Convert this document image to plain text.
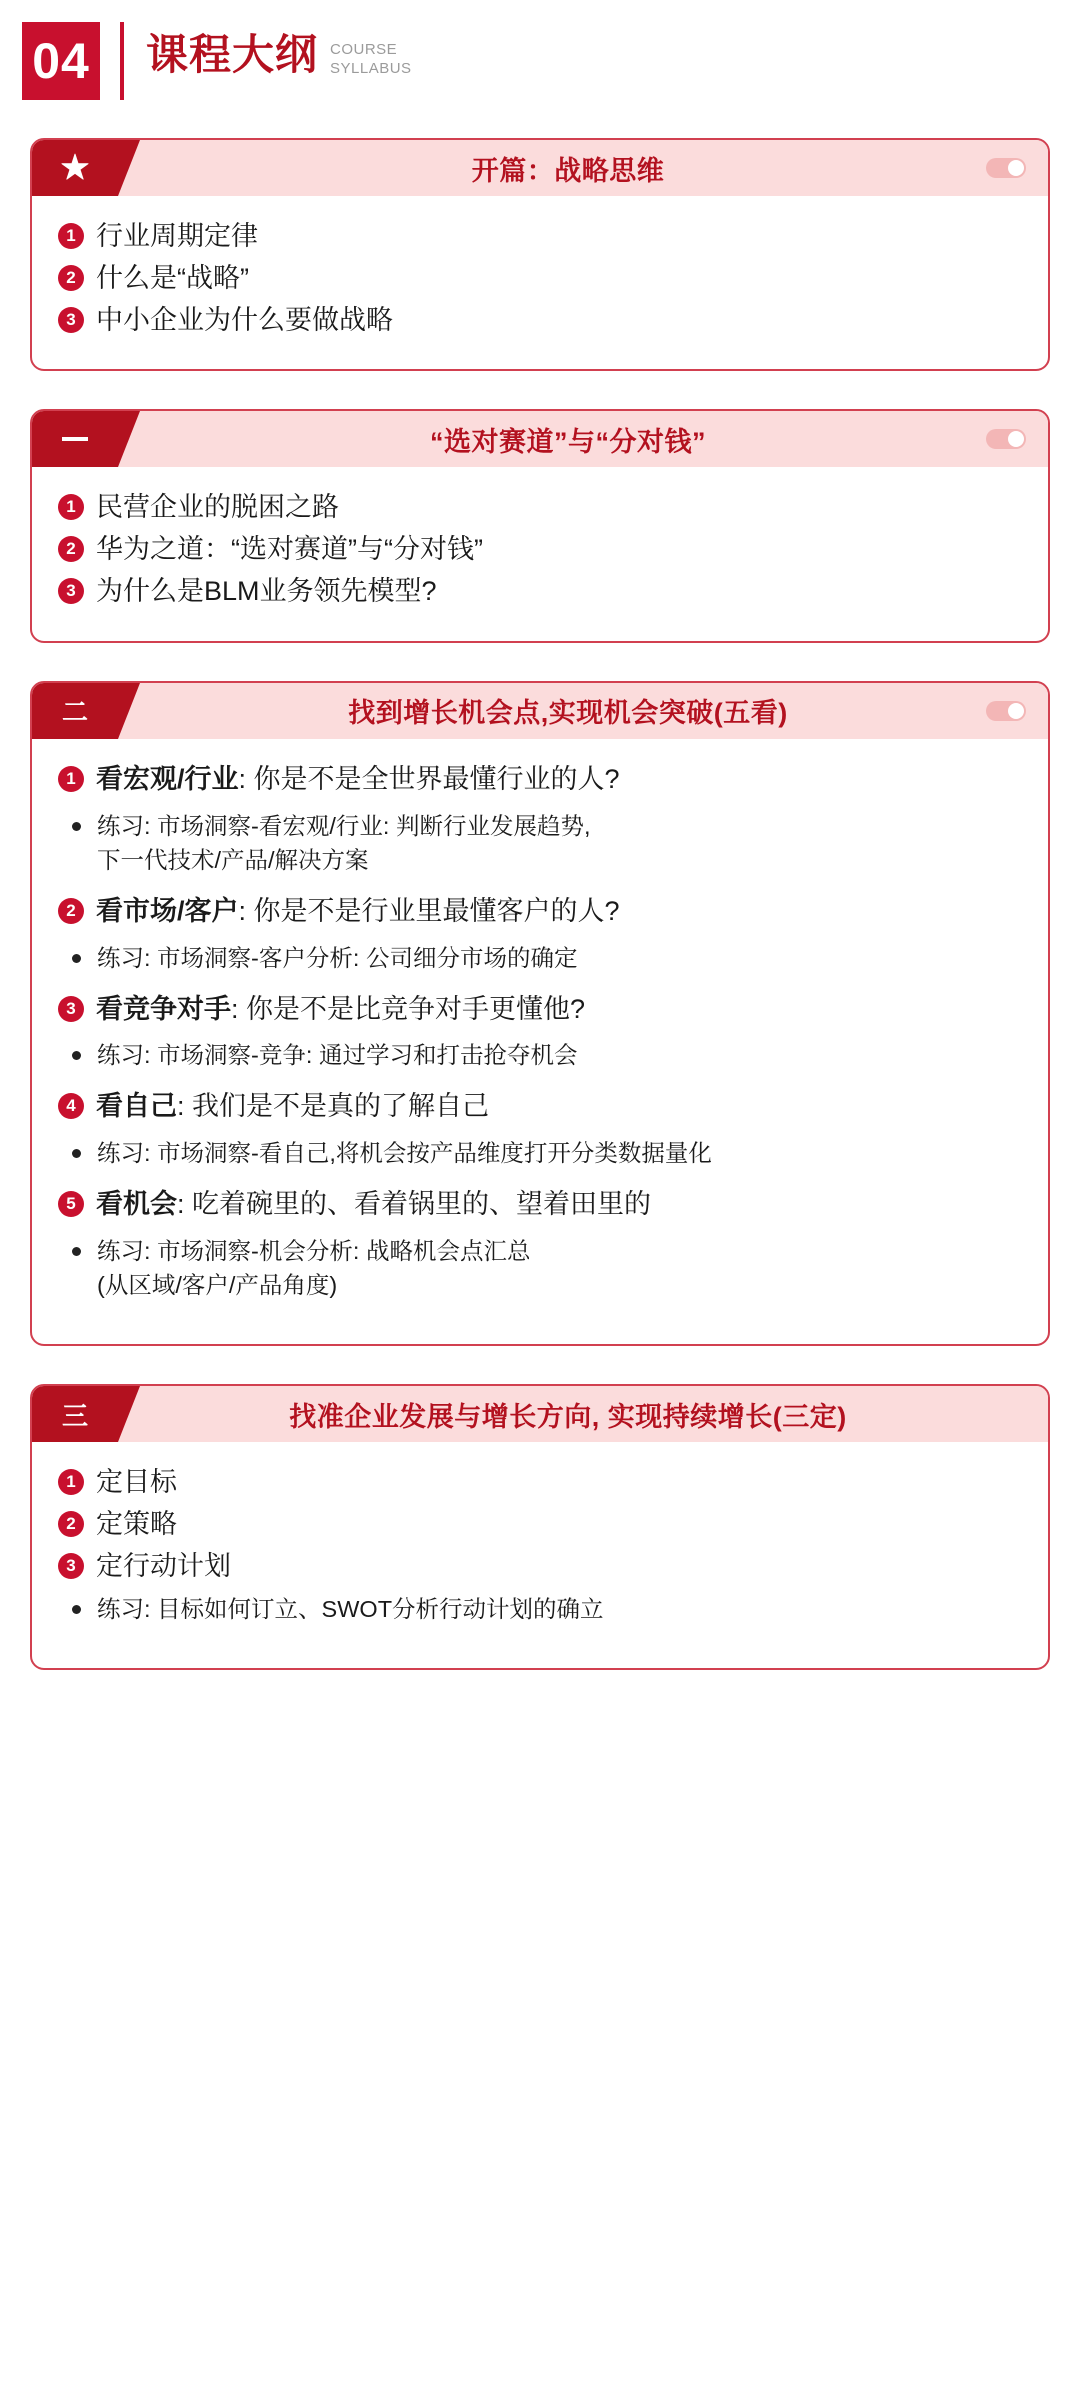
04 课程大纲 COURSE
SYLLABUS
★	开篇：战略思维
1 行业周期定律
2 什么是“战略”
3 中小企业为什么要做战略
“选对赛道”与“分对钱”
1 民营企业的脱困之路
2 华为之道：“选对赛道”与“分对钱”
3 为什么是BLM业务领先模型?
二	找到增长机会点,实现机会突破(五看)
1 看宏观/行业: 你是不是全世界最懂行业的人?
练习: 市场洞察-看宏观/行业: 判断行业发展趋势,
下一代技术/产品/解决方案
2 看市场/客户: 你是不是行业里最懂客户的人?
练习: 市场洞察-客户分析: 公司细分市场的确定
3 看竞争对手: 你是不是比竞争对手更懂他?
练习: 市场洞察-竞争: 通过学习和打击抢夺机会
4 看自己: 我们是不是真的了解自己
练习: 市场洞察-看自己,将机会按产品维度打开分类数据量化
5 看机会: 吃着碗里的、看着锅里的、望着田里的
练习: 市场洞察-机会分析: 战略机会点汇总
(从区域/客户/产品角度)
三	找准企业发展与增长方向, 实现持续增长(三定)
1 定目标
2 定策略
3 定行动计划
练习: 目标如何订立、SWOT分析行动计划的确立
